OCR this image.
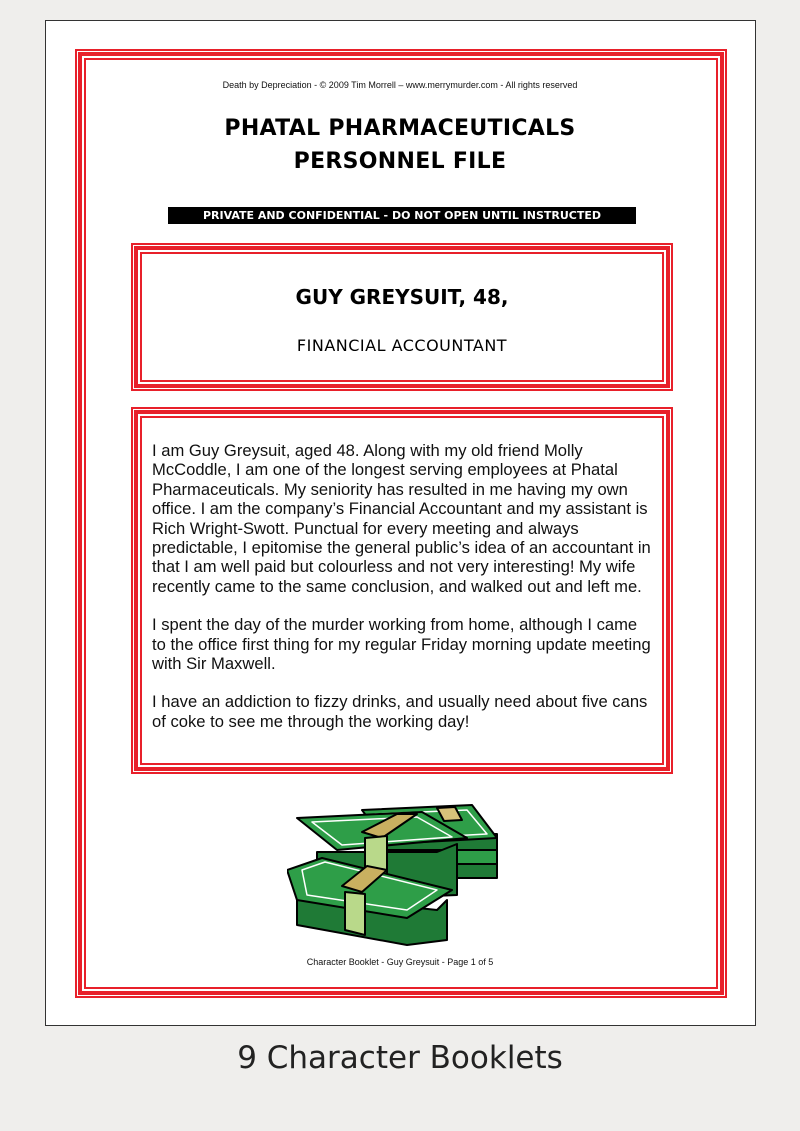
Death by Depreciation - © 2009 Tim Morrell – www.merrymurder.com - All rights reserved
PHATAL PHARMACEUTICALS
PERSONNEL FILE
PRIVATE AND CONFIDENTIAL - DO NOT OPEN UNTIL INSTRUCTED
GUY GREYSUIT, 48,
FINANCIAL ACCOUNTANT

I am Guy Greysuit, aged 48. Along with my old friend Molly McCoddle, I am one of the longest serving employees at Phatal Pharmaceuticals. My seniority has resulted in me having my own office. I am the company’s Financial Accountant and my assistant is Rich Wright-Swott. Punctual for every meeting and always predictable, I epitomise the general public’s idea of an accountant in that I am well paid but colourless and not very interesting! My wife recently came to the same conclusion, and walked out and left me.

I spent the day of the murder working from home, although I came to the office first thing for my regular Friday morning update meeting with Sir Maxwell.

I have an addiction to fizzy drinks, and usually need about five cans of coke to see me through the working day!

Character Booklet - Guy Greysuit - Page 1 of 5
9 Character Booklets
